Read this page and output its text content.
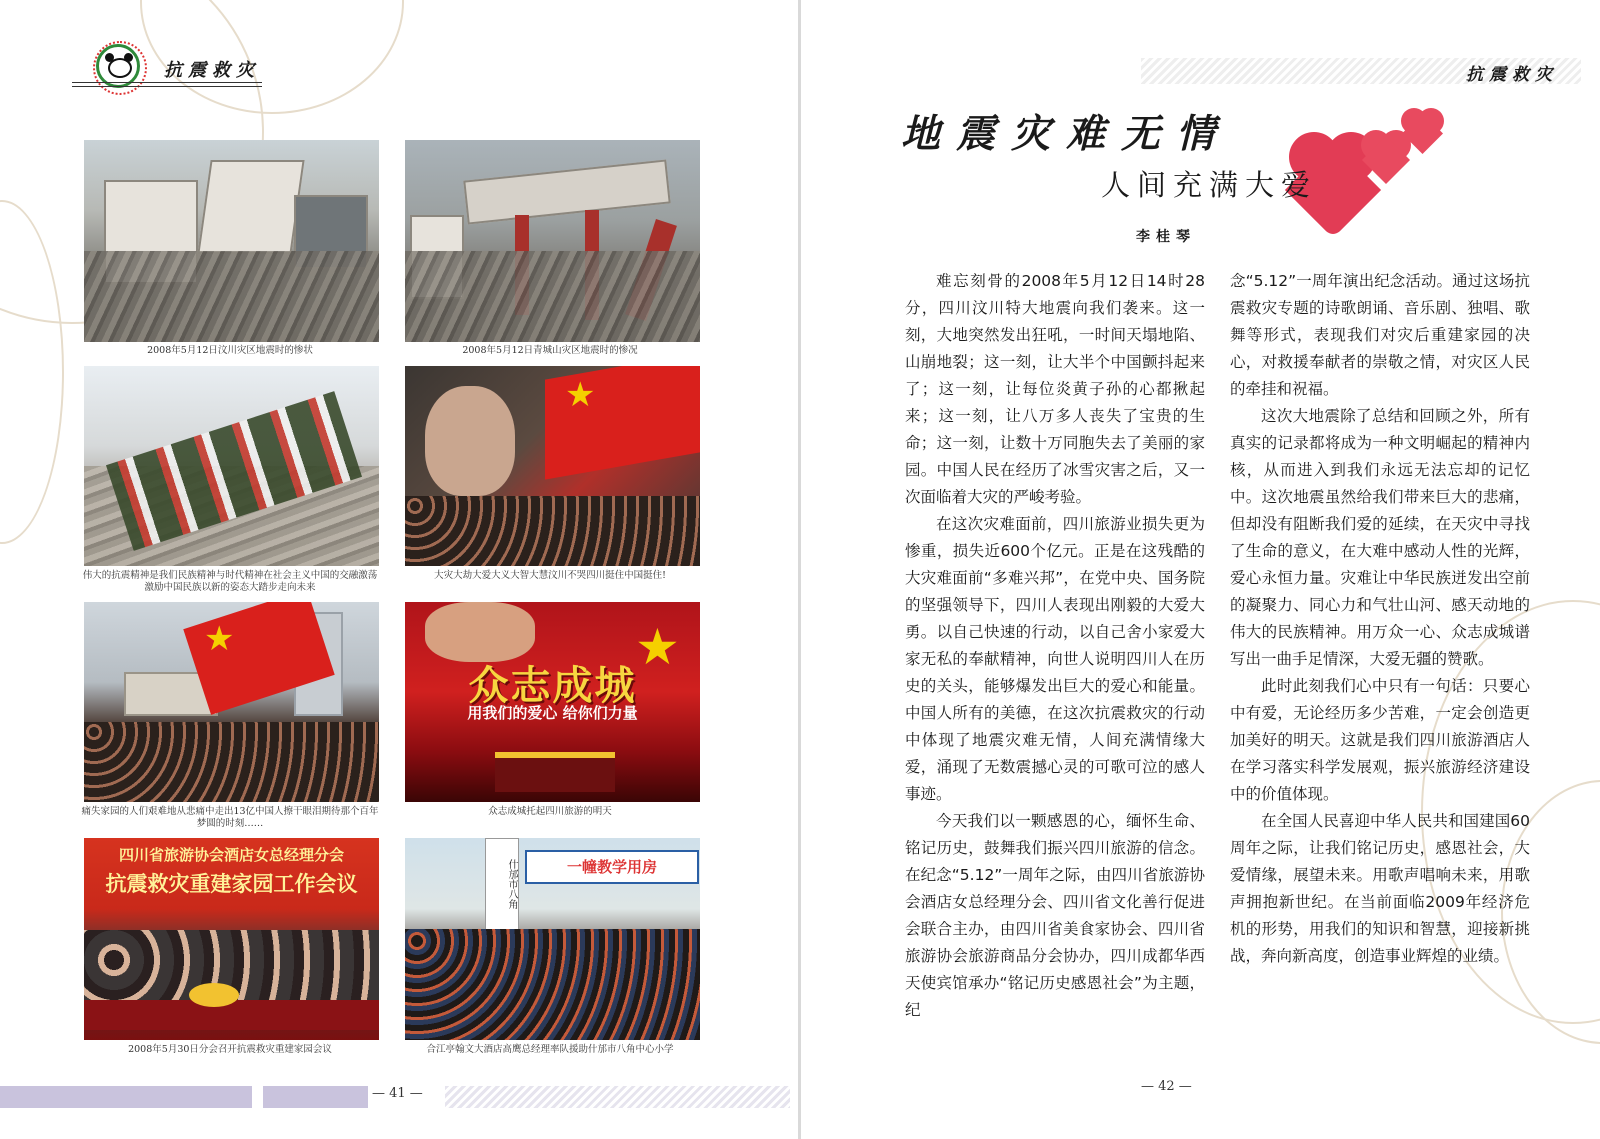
抗震救灾
2008年5月12日汶川灾区地震时的惨状	2008年5月12日青城山灾区地震时的惨况
伟大的抗震精神是我们民族精神与时代精神在社会主义中国的交融激荡激励中国民族以新的姿态大踏步走向未来
★
大灾大劫大爱大义大智大慧汶川不哭四川挺住中国挺住!
★
痛失家园的人们艰难地从悲痛中走出13亿中国人擦干眼泪期待那个百年梦圆的时刻……
★
众志成城
用我们的爱心 给你们力量
众志成城托起四川旅游的明天
四川省旅游协会酒店女总经理分会
抗震救灾重建家园工作会议
2008年5月30日分会召开抗震救灾重建家园会议
一幢教学用房
什邡市八角
合江亭翰文大酒店高鹰总经理率队援助什邡市八角中心小学
— 41 —
抗震救灾
地震灾难无情
人间充满大爱
李桂琴

难忘刻骨的2008年5月12日14时28分，四川汶川特大地震向我们袭来。这一刻，大地突然发出狂吼，一时间天塌地陷、山崩地裂；这一刻，让大半个中国颤抖起来了；这一刻，让每位炎黄子孙的心都揪起来；这一刻，让八万多人丧失了宝贵的生命；这一刻，让数十万同胞失去了美丽的家园。中国人民在经历了冰雪灾害之后，又一次面临着大灾的严峻考验。

在这次灾难面前，四川旅游业损失更为惨重，损失近600个亿元。正是在这残酷的大灾难面前“多难兴邦”，在党中央、国务院的坚强领导下，四川人表现出刚毅的大爱大勇。以自己快速的行动，以自己舍小家爱大家无私的奉献精神，向世人说明四川人在历史的关头，能够爆发出巨大的爱心和能量。中国人所有的美德，在这次抗震救灾的行动中体现了地震灾难无情，人间充满情缘大爱，涌现了无数震撼心灵的可歌可泣的感人事迹。

今天我们以一颗感恩的心，缅怀生命、铭记历史，鼓舞我们振兴四川旅游的信念。在纪念“5.12”一周年之际，由四川省旅游协会酒店女总经理分会、四川省文化善行促进会联合主办，由四川省美食家协会、四川省旅游协会旅游商品分会协办，四川成都华西天使宾馆承办“铭记历史感恩社会”为主题，纪

念“5.12”一周年演出纪念活动。通过这场抗震救灾专题的诗歌朗诵、音乐剧、独唱、歌舞等形式，表现我们对灾后重建家园的决心，对救援奉献者的崇敬之情，对灾区人民的牵挂和祝福。

这次大地震除了总结和回顾之外，所有真实的记录都将成为一种文明崛起的精神内核，从而进入到我们永远无法忘却的记忆中。这次地震虽然给我们带来巨大的悲痛，但却没有阻断我们爱的延续，在天灾中寻找了生命的意义，在大难中感动人性的光辉，爱心永恒力量。灾难让中华民族迸发出空前的凝聚力、同心力和气壮山河、感天动地的伟大的民族精神。用万众一心、众志成城谱写出一曲手足情深，大爱无疆的赞歌。

此时此刻我们心中只有一句话：只要心中有爱，无论经历多少苦难，一定会创造更加美好的明天。这就是我们四川旅游酒店人在学习落实科学发展观，振兴旅游经济建设中的价值体现。

在全国人民喜迎中华人民共和国建国60周年之际，让我们铭记历史，感恩社会，大爱情缘，展望未来。用歌声唱响未来，用歌声拥抱新世纪。在当前面临2009年经济危机的形势，用我们的知识和智慧，迎接新挑战，奔向新高度，创造事业辉煌的业绩。

— 42 —
